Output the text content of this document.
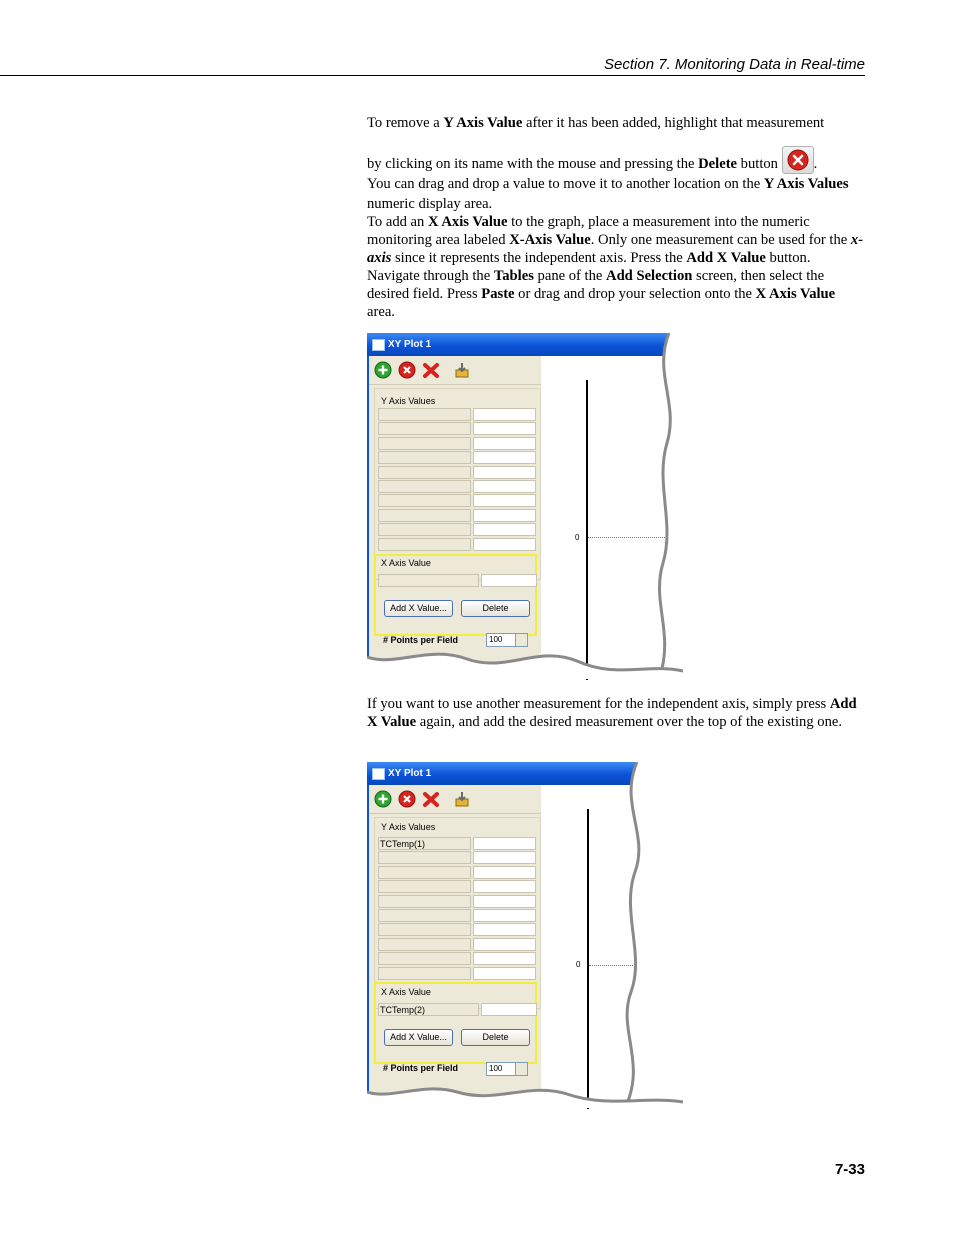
Section 7. Monitoring Data in Real-time

To remove a Y Axis Value after it has been added, highlight that measurement
by clicking on its name with the mouse and pressing the Delete button
.
You can drag and drop a value to move it to another location on the Y Axis Values numeric display area.

To add an X Axis Value to the graph, place a measurement into the numeric monitoring area labeled X-Axis Value. Only one measurement can be used for the x-axis since it represents the independent axis. Press the Add X Value button. Navigate through the Tables pane of the Add Selection screen, then select the desired field. Press Paste or drag and drop your selection onto the X Axis Value area.

XY Plot 1
Y Axis Values
X Axis Value
Add X Value...	Delete
# Points per Field	100
0

If you want to use another measurement for the independent axis, simply press Add X Value again, and add the desired measurement over the top of the existing one.

XY Plot 1
Y Axis Values
TCTemp(1)
X Axis Value
TCTemp(2)
Add X Value...	Delete
# Points per Field	100
0
7-33
